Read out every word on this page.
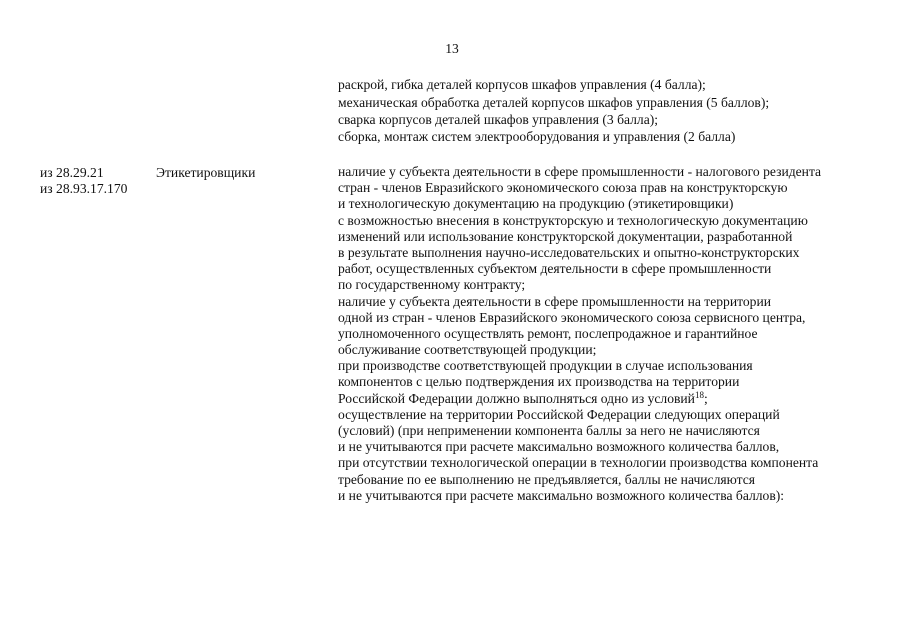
13
раскрой, гибка деталей корпусов шкафов управления (4 балла);
механическая обработка деталей корпусов шкафов управления (5 баллов);
сварка корпусов деталей шкафов управления (3 балла);
сборка, монтаж систем электрооборудования и управления (2 балла)
из 28.29.21
из 28.93.17.170
Этикетировщики	наличие у субъекта деятельности в сфере промышленности - налогового резидента
стран - членов Евразийского экономического союза прав на конструкторскую
и технологическую документацию на продукцию (этикетировщики)
с возможностью внесения в конструкторскую и технологическую документацию
изменений или использование конструкторской документации, разработанной
в результате выполнения научно-исследовательских и опытно-конструкторских
работ, осуществленных субъектом деятельности в сфере промышленности
по государственному контракту;
наличие у субъекта деятельности в сфере промышленности на территории
одной из стран - членов Евразийского экономического союза сервисного центра,
уполномоченного осуществлять ремонт, послепродажное и гарантийное
обслуживание соответствующей продукции;
при производстве соответствующей продукции в случае использования
компонентов с целью подтверждения их производства на территории
Российской Федерации должно выполняться одно из условий$^{18}$;
осуществление на территории Российской Федерации следующих операций
(условий) (при неприменении компонента баллы за него не начисляются
и не учитываются при расчете максимально возможного количества баллов,
при отсутствии технологической операции в технологии производства компонента
требование по ее выполнению не предъявляется, баллы не начисляются
и не учитываются при расчете максимально возможного количества баллов):
